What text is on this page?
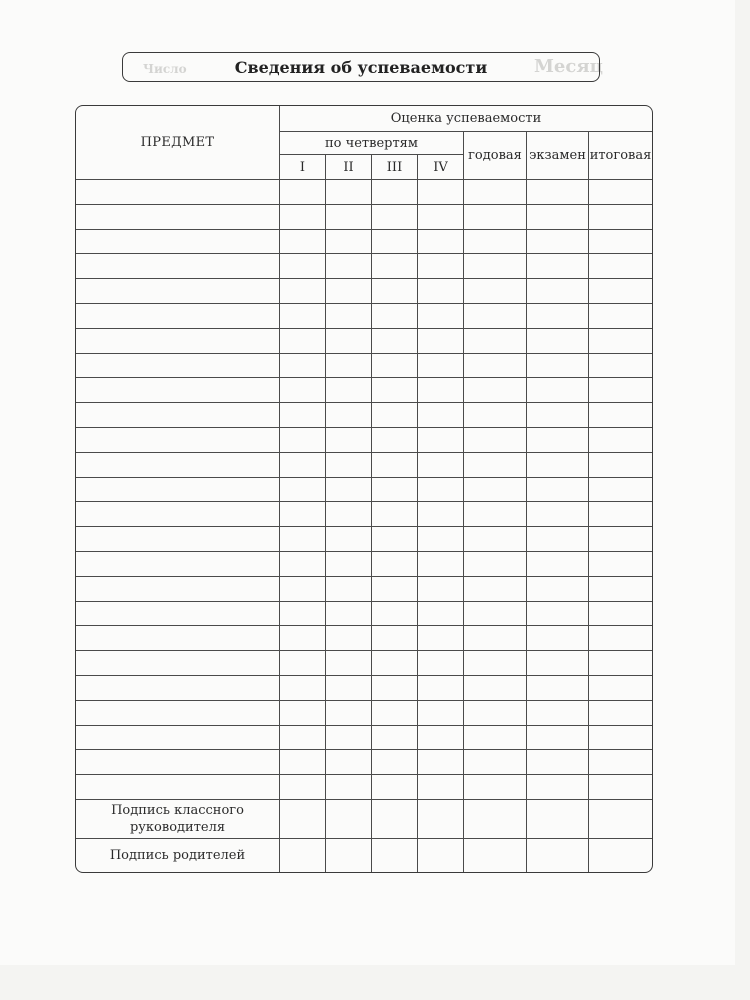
Месяц
Число	Сведения об успеваемости
ПРЕДМЕТ	Оценка успеваемости						
	по четвертям				годовая	экзамен	итоговая
	I	II	III	IV			

Подпись классного руководителя							
Подпись родителей							
